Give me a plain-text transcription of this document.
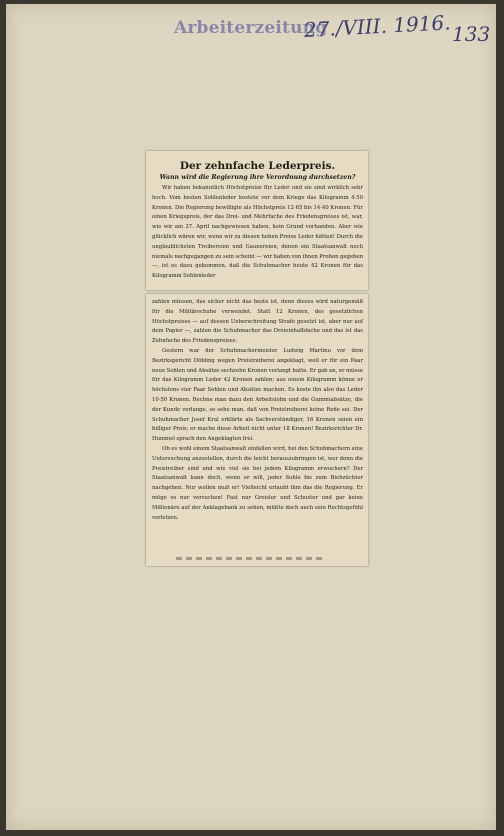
Arbeiterzeitung
27./VIII. 1916. 133
Der zehnfache Lederpreis.
Wann wird die Regierung ihre Verordnung durchsetzen?

Wir haben bekanntlich Höchstpreise für Leder und sie sind wirklich sehr hoch. Vom besten Sohlenleder kostete vor dem Kriege das Kilogramm 4·50 Kronen. Die Regierung bewilligte als Höchstpreis 12·65 bis 14·40 Kronen. Für einen Kriegspreis, der das Drei- und Mehrfache des Friedenspreises ist, war, wie wir am 27. April nachgewiesen haben, kein Grund vorhanden. Aber wie glücklich wären wir, wenn wir zu diesen hohen Preise Leder hätten! Durch die unglaublichsten Treibereien und Gaunereien, denen ein Staatsanwalt noch niemals nachgegangen zu sein scheint — wir haben von ihnen Proben gegeben —, ist es dazu gekommen, daß die Schuhmacher heute 42 Kronen für das Kilogramm Sohlenleder

zahlen müssen, das sicher nicht das beste ist, denn dieses wird naturgemäß für die Militärschuhe verwendet. Statt 12 Kronen, des gesetzlichen Höchstpreises — auf dessen Ueberschreitung Strafe gesetzt ist, aber nur auf dem Papier —, zahlen die Schuhmacher das Dreieinhalbfache und das ist das Zehnfache des Friedenspreises.

Gestern war der Schuhmachermeister Ludwig Martinu vor dem Bezirksgericht Döbling wegen Preistreiberei angeklagt, weil er für ein Paar neue Sohlen und Absätze sechzehn Kronen verlangt hatte. Er gab an, er müsse für das Kilogramm Leder 42 Kronen zahlen; aus einem Kilogramm könne er höchstens vier Paar Sohlen und Absätze machen. Es koste ihn also das Leder 10·50 Kronen. Rechne man dazu den Arbeitslohn und die Gummiabsätze, die der Kunde verlange, so sehe man, daß von Preistreiberei keine Rede sei. Der Schuhmacher Josef Kral erklärte als Sachverständiger, 16 Kronen seien ein billiger Preis; er mache diese Arbeit nicht unter 18 Kronen! Bezirksrichter Dr. Hummel sprach den Angeklagten frei.

Ob es wohl einem Staatsanwalt einfallen wird, bei den Schuhmachern eine Untersuchung anzustellen, durch die leicht herauszubringen ist, wer denn die Preistreiber sind und wie viel sie bei jedem Kilogramm erwuchern? Der Staatsanwalt kann doch, wenn er will, jeder Sohle bis zum Biehzüchter nachgehen. Nur wollen muß er! Vielleicht erlaubt ihm das die Regierung. Er möge es nur versuchen! Fast nur Greisler und Schuster und gar keine Millionäre auf der Anklagebank zu sehen, müßte doch auch sein Rechtsgefühl verletzen.
